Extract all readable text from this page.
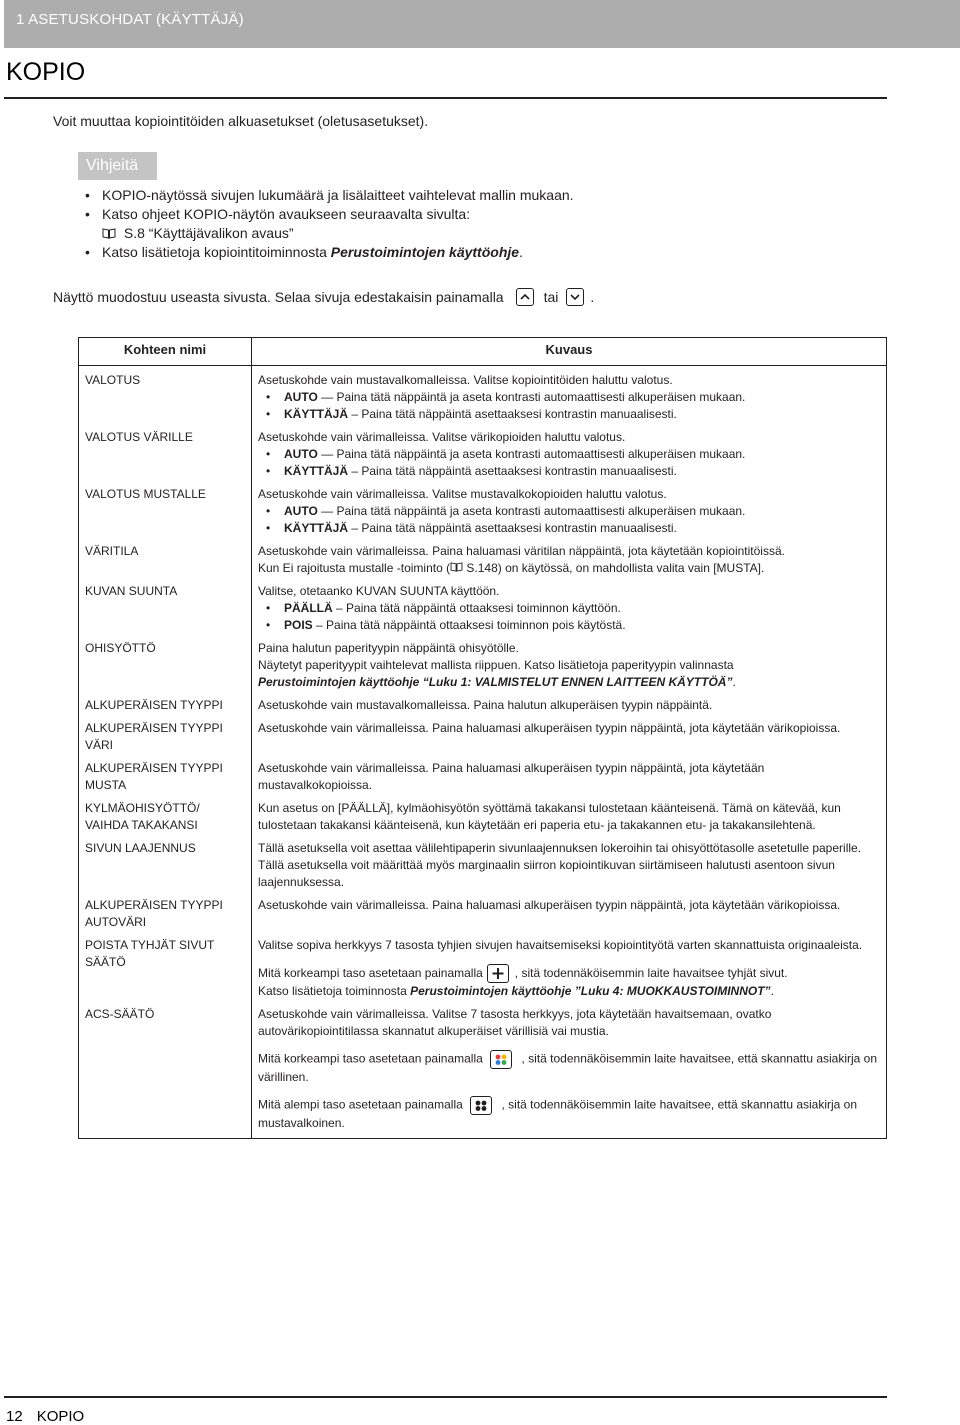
1 ASETUSKOHDAT (KÄYTTÄJÄ)
KOPIO
Voit muuttaa kopiointitöiden alkuasetukset (oletusasetukset).
Vihjeitä
• KOPIO-näytössä sivujen lukumäärä ja lisälaitteet vaihtelevat mallin mukaan.
• Katso ohjeet KOPIO-näytön avaukseen seuraavalta sivulta:
S.8 “Käyttäjävalikon avaus”
• Katso lisätietoja kopiointitoiminnosta Perustoimintojen käyttöohje.
Näyttö muodostuu useasta sivusta. Selaa sivuja edestakaisin painamalla	tai .
Kohteen nimi	Kuvaus
VALOTUS	Asetuskohde vain mustavalkomalleissa. Valitse kopiointitöiden haluttu valotus.
• AUTO — Paina tätä näppäintä ja aseta kontrasti automaattisesti alkuperäisen mukaan.
• KÄYTTÄJÄ – Paina tätä näppäintä asettaaksesi kontrastin manuaalisesti.

VALOTUS VÄRILLE	Asetuskohde vain värimalleissa. Valitse värikopioiden haluttu valotus.
• AUTO — Paina tätä näppäintä ja aseta kontrasti automaattisesti alkuperäisen mukaan.
• KÄYTTÄJÄ – Paina tätä näppäintä asettaaksesi kontrastin manuaalisesti.

VALOTUS MUSTALLE	Asetuskohde vain värimalleissa. Valitse mustavalkokopioiden haluttu valotus.
• AUTO — Paina tätä näppäintä ja aseta kontrasti automaattisesti alkuperäisen mukaan.
• KÄYTTÄJÄ – Paina tätä näppäintä asettaaksesi kontrastin manuaalisesti.

VÄRITILA	Asetuskohde vain värimalleissa. Paina haluamasi väritilan näppäintä, jota käytetään kopiointitöissä.
Kun Ei rajoitusta mustalle -toiminto ( S.148) on käytössä, on mahdollista valita vain [MUSTA].

KUVAN SUUNTA	Valitse, otetaanko KUVAN SUUNTA käyttöön.
• PÄÄLLÄ – Paina tätä näppäintä ottaaksesi toiminnon käyttöön.
• POIS – Paina tätä näppäintä ottaaksesi toiminnon pois käytöstä.

OHISYÖTTÖ	Paina halutun paperityypin näppäintä ohisyötölle.
Näytetyt paperityypit vaihtelevat mallista riippuen. Katso lisätietoja paperityypin valinnasta
Perustoimintojen käyttöohje “Luku 1: VALMISTELUT ENNEN LAITTEEN KÄYTTÖÄ”.

ALKUPERÄISEN TYYPPI	Asetuskohde vain mustavalkomalleissa. Paina halutun alkuperäisen tyypin näppäintä.

ALKUPERÄISEN TYYPPI VÄRI	Asetuskohde vain värimalleissa. Paina haluamasi alkuperäisen tyypin näppäintä, jota käytetään värikopioissa.

ALKUPERÄISEN TYYPPI MUSTA	Asetuskohde vain värimalleissa. Paina haluamasi alkuperäisen tyypin näppäintä, jota käytetään mustavalkokopioissa.

KYLMÄOHISYÖTTÖ/ VAIHDA TAKAKANSI	Kun asetus on [PÄÄLLÄ], kylmäohisyötön syöttämä takakansi tulostetaan käänteisenä. Tämä on kätevää, kun tulostetaan takakansi käänteisenä, kun käytetään eri paperia etu- ja takakannen etu- ja takakansilehtenä.

SIVUN LAAJENNUS	Tällä asetuksella voit asettaa välilehtipaperin sivunlaajennuksen lokeroihin tai ohisyöttötasolle asetetulle paperille. Tällä asetuksella voit määrittää myös marginaalin siirron kopiointikuvan siirtämiseen halutusti asentoon sivun laajennuksessa.

ALKUPERÄISEN TYYPPI AUTOVÄRI	Asetuskohde vain värimalleissa. Paina haluamasi alkuperäisen tyypin näppäintä, jota käytetään värikopioissa.

POISTA TYHJÄT SIVUT SÄÄTÖ	Valitse sopiva herkkyys 7 tasosta tyhjien sivujen havaitsemiseksi kopiointityötä varten skannattuista originaaleista.
Mitä korkeampi taso asetetaan painamalla , sitä todennäköisemmin laite havaitsee tyhjät sivut.
Katso lisätietoja toiminnosta Perustoimintojen käyttöohje ”Luku 4: MUOKKAUSTOIMINNOT”.

ACS-SÄÄTÖ	Asetuskohde vain värimalleissa. Valitse 7 tasosta herkkyys, jota käytetään havaitsemaan, ovatko autovärikopiointitilassa skannatut alkuperäiset värillisiä vai mustia.
Mitä korkeampi taso asetetaan painamalla , sitä todennäköisemmin laite havaitsee, että skannattu asiakirja on värillinen.
Mitä alempi taso asetetaan painamalla , sitä todennäköisemmin laite havaitsee, että skannattu asiakirja on mustavalkoinen.
12 KOPIO
